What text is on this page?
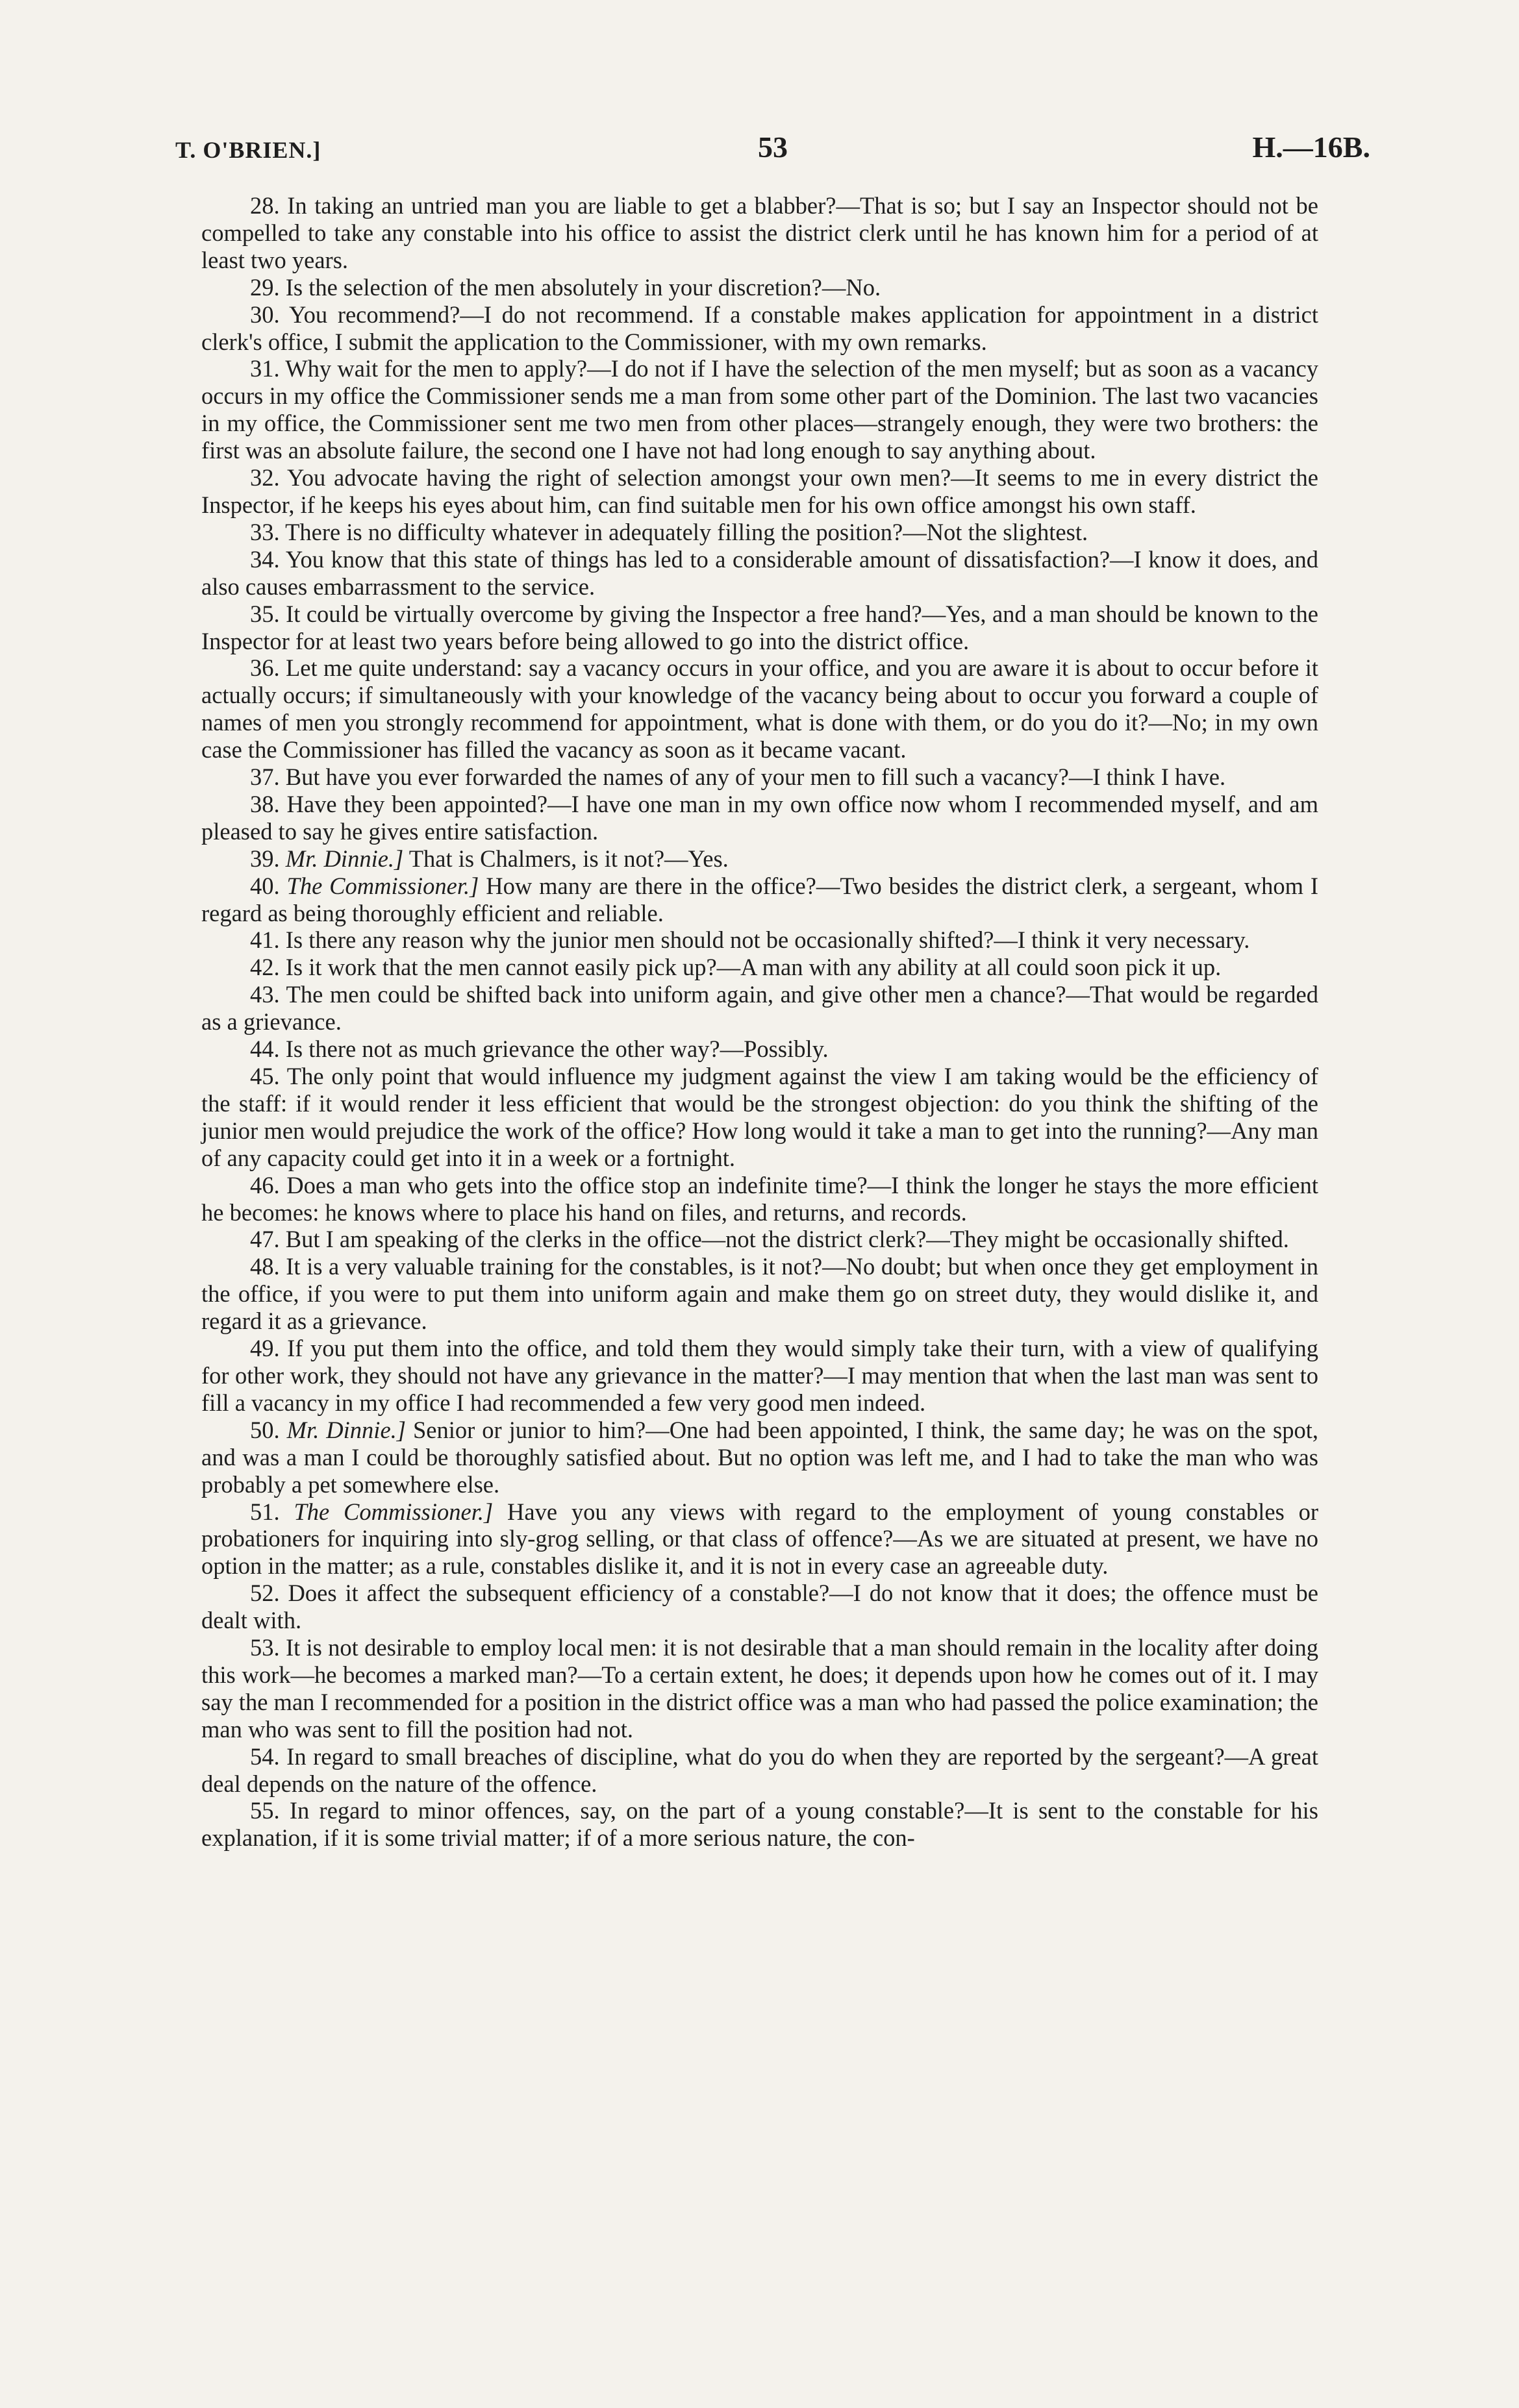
T. O'BRIEN.]	53	H.—16B.

28. In taking an untried man you are liable to get a blabber?—That is so; but I say an Inspector should not be compelled to take any constable into his office to assist the district clerk until he has known him for a period of at least two years.

29. Is the selection of the men absolutely in your discretion?—No.

30. You recommend?—I do not recommend. If a constable makes application for appointment in a district clerk's office, I submit the application to the Commissioner, with my own remarks.

31. Why wait for the men to apply?—I do not if I have the selection of the men myself; but as soon as a vacancy occurs in my office the Commissioner sends me a man from some other part of the Dominion. The last two vacancies in my office, the Commissioner sent me two men from other places—strangely enough, they were two brothers: the first was an absolute failure, the second one I have not had long enough to say anything about.

32. You advocate having the right of selection amongst your own men?—It seems to me in every district the Inspector, if he keeps his eyes about him, can find suitable men for his own office amongst his own staff.

33. There is no difficulty whatever in adequately filling the position?—Not the slightest.

34. You know that this state of things has led to a considerable amount of dissatisfaction?—I know it does, and also causes embarrassment to the service.

35. It could be virtually overcome by giving the Inspector a free hand?—Yes, and a man should be known to the Inspector for at least two years before being allowed to go into the district office.

36. Let me quite understand: say a vacancy occurs in your office, and you are aware it is about to occur before it actually occurs; if simultaneously with your knowledge of the vacancy being about to occur you forward a couple of names of men you strongly recommend for appointment, what is done with them, or do you do it?—No; in my own case the Commissioner has filled the vacancy as soon as it became vacant.

37. But have you ever forwarded the names of any of your men to fill such a vacancy?—I think I have.

38. Have they been appointed?—I have one man in my own office now whom I recommended myself, and am pleased to say he gives entire satisfaction.

39. Mr. Dinnie.] That is Chalmers, is it not?—Yes.

40. The Commissioner.] How many are there in the office?—Two besides the district clerk, a sergeant, whom I regard as being thoroughly efficient and reliable.

41. Is there any reason why the junior men should not be occasionally shifted?—I think it very necessary.

42. Is it work that the men cannot easily pick up?—A man with any ability at all could soon pick it up.

43. The men could be shifted back into uniform again, and give other men a chance?—That would be regarded as a grievance.

44. Is there not as much grievance the other way?—Possibly.

45. The only point that would influence my judgment against the view I am taking would be the efficiency of the staff: if it would render it less efficient that would be the strongest objection: do you think the shifting of the junior men would prejudice the work of the office? How long would it take a man to get into the running?—Any man of any capacity could get into it in a week or a fortnight.

46. Does a man who gets into the office stop an indefinite time?—I think the longer he stays the more efficient he becomes: he knows where to place his hand on files, and returns, and records.

47. But I am speaking of the clerks in the office—not the district clerk?—They might be occasionally shifted.

48. It is a very valuable training for the constables, is it not?—No doubt; but when once they get employment in the office, if you were to put them into uniform again and make them go on street duty, they would dislike it, and regard it as a grievance.

49. If you put them into the office, and told them they would simply take their turn, with a view of qualifying for other work, they should not have any grievance in the matter?—I may mention that when the last man was sent to fill a vacancy in my office I had recommended a few very good men indeed.

50. Mr. Dinnie.] Senior or junior to him?—One had been appointed, I think, the same day; he was on the spot, and was a man I could be thoroughly satisfied about. But no option was left me, and I had to take the man who was probably a pet somewhere else.

51. The Commissioner.] Have you any views with regard to the employment of young constables or probationers for inquiring into sly-grog selling, or that class of offence?—As we are situated at present, we have no option in the matter; as a rule, constables dislike it, and it is not in every case an agreeable duty.

52. Does it affect the subsequent efficiency of a constable?—I do not know that it does; the offence must be dealt with.

53. It is not desirable to employ local men: it is not desirable that a man should remain in the locality after doing this work—he becomes a marked man?—To a certain extent, he does; it depends upon how he comes out of it. I may say the man I recommended for a position in the district office was a man who had passed the police examination; the man who was sent to fill the position had not.

54. In regard to small breaches of discipline, what do you do when they are reported by the sergeant?—A great deal depends on the nature of the offence.

55. In regard to minor offences, say, on the part of a young constable?—It is sent to the constable for his explanation, if it is some trivial matter; if of a more serious nature, the con-
